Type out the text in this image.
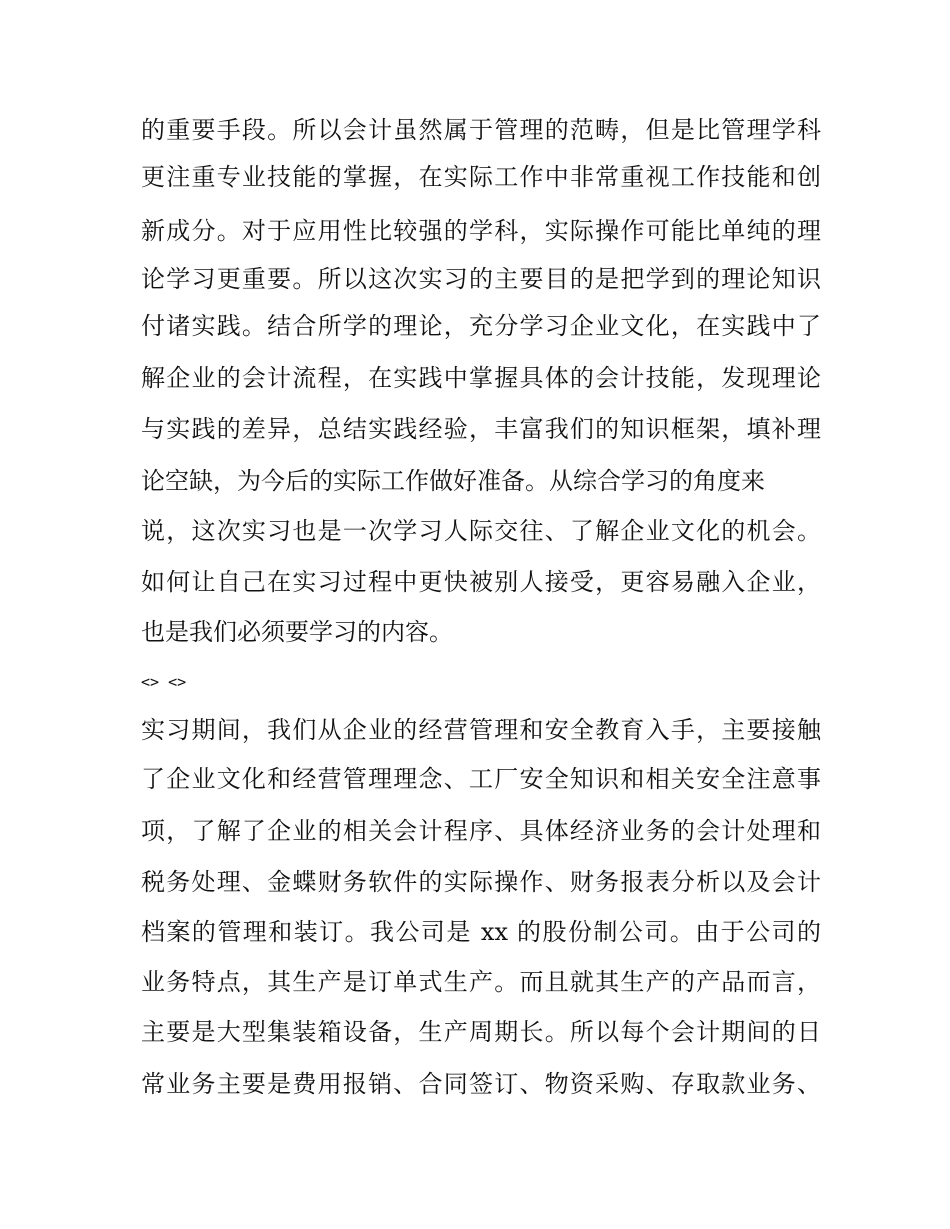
的重要手段。所以会计虽然属于管理的范畴，但是比管理学科
更注重专业技能的掌握，在实际工作中非常重视工作技能和创
新成分。对于应用性比较强的学科，实际操作可能比单纯的理
论学习更重要。所以这次实习的主要目的是把学到的理论知识
付诸实践。结合所学的理论，充分学习企业文化，在实践中了
解企业的会计流程，在实践中掌握具体的会计技能，发现理论
与实践的差异，总结实践经验，丰富我们的知识框架，填补理
论空缺，为今后的实际工作做好准备。从综合学习的角度来
说，这次实习也是一次学习人际交往、了解企业文化的机会。
如何让自己在实习过程中更快被别人接受，更容易融入企业，
也是我们必须要学习的内容。
<> <>
实习期间，我们从企业的经营管理和安全教育入手，主要接触
了企业文化和经营管理理念、工厂安全知识和相关安全注意事
项，了解了企业的相关会计程序、具体经济业务的会计处理和
税务处理、金蝶财务软件的实际操作、财务报表分析以及会计
档案的管理和装订。我公司是 xx 的股份制公司。由于公司的
业务特点，其生产是订单式生产。而且就其生产的产品而言，
主要是大型集装箱设备，生产周期长。所以每个会计期间的日
常业务主要是费用报销、合同签订、物资采购、存取款业务、
